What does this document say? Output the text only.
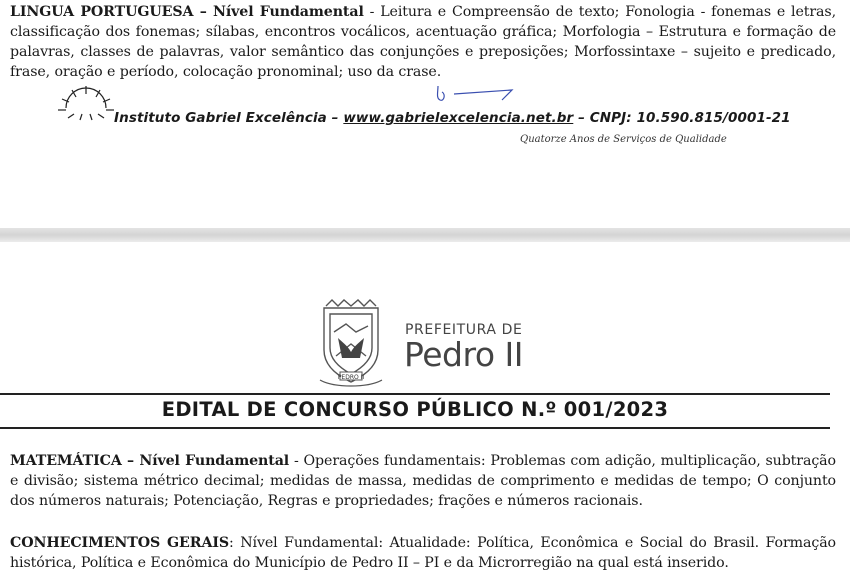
LINGUA PORTUGUESA – Nível Fundamental - Leitura e Compreensão de texto; Fonologia - fonemas e letras, classificação dos fonemas; sílabas, encontros vocálicos, acentuação gráfica; Morfologia – Estrutura e formação de palavras, classes de palavras, valor semântico das conjunções e preposições; Morfossintaxe – sujeito e predicado, frase, oração e período, colocação pronominal; uso da crase.

Instituto Gabriel Excelência – www.gabrielexcelencia.net.br – CNPJ: 10.590.815/0001-21
Quatorze Anos de Serviços de Qualidade
PEDRO II
PREFEITURA DE
Pedro II
EDITAL DE CONCURSO PÚBLICO N.º 001/2023

MATEMÁTICA – Nível Fundamental - Operações fundamentais: Problemas com adição, multiplicação, subtração e divisão; sistema métrico decimal; medidas de massa, medidas de comprimento e medidas de tempo; O conjunto dos números naturais; Potenciação, Regras e propriedades; frações e números racionais.

CONHECIMENTOS GERAIS: Nível Fundamental: Atualidade: Política, Econômica e Social do Brasil. Formação histórica, Política e Econômica do Município de Pedro II – PI e da Microrregião na qual está inserido.
